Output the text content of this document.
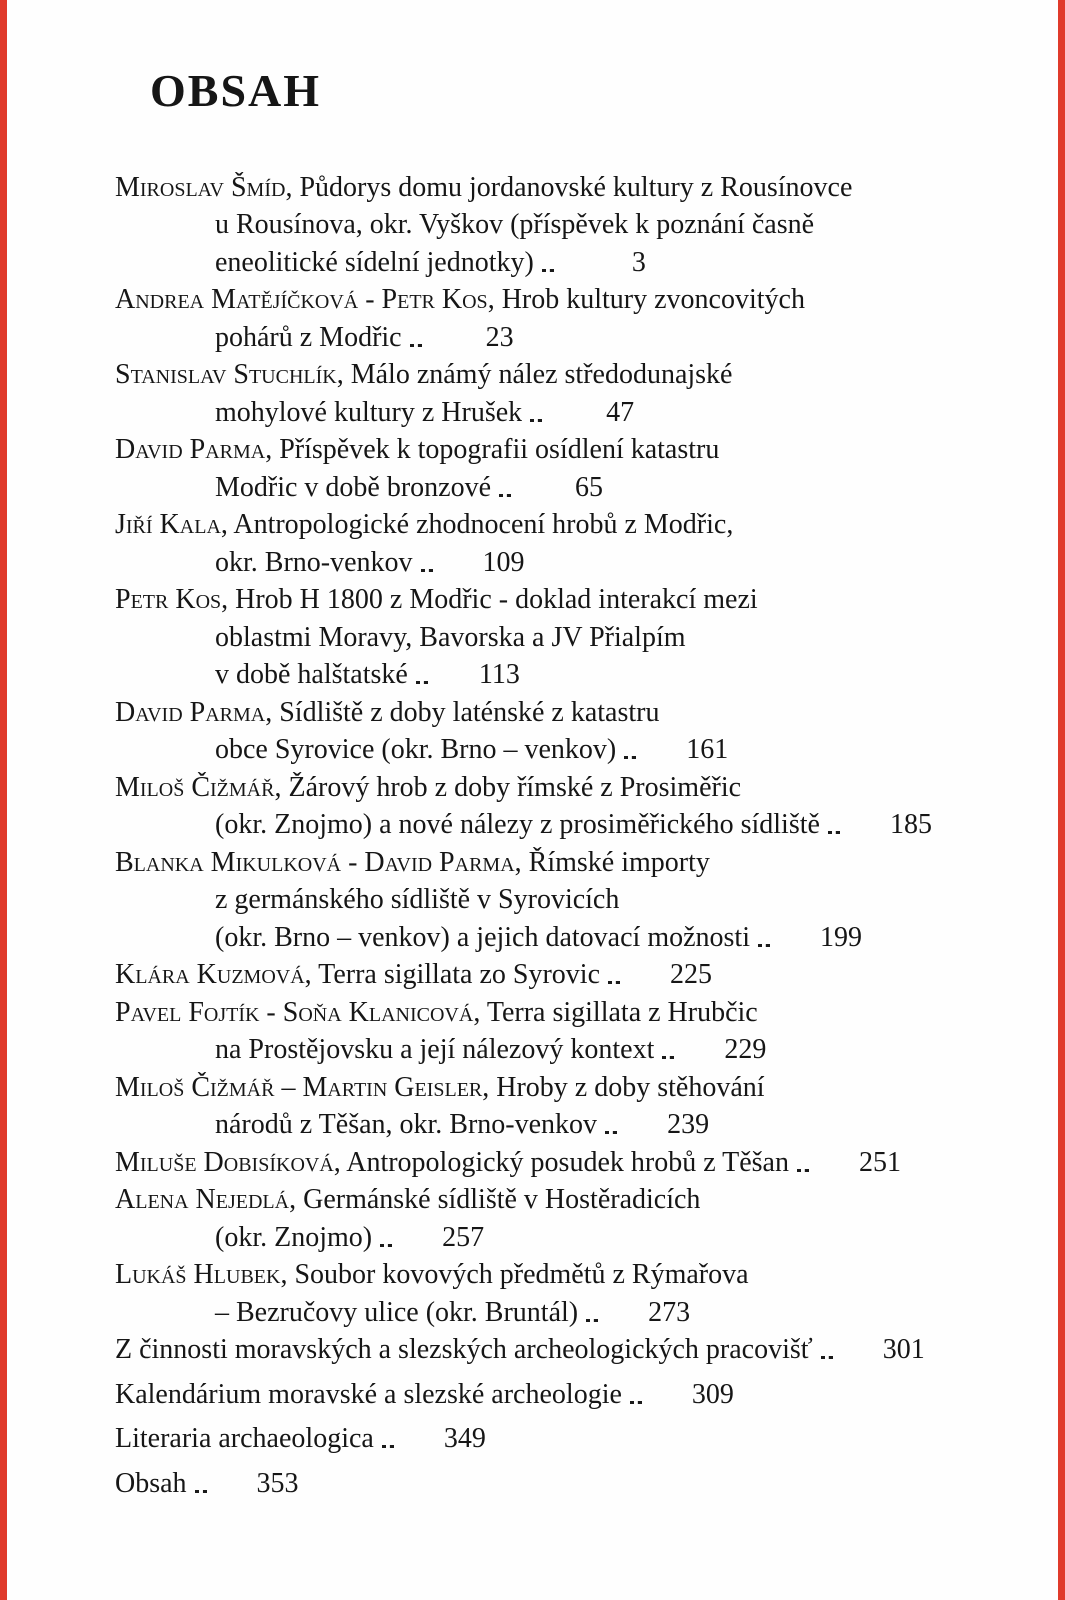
OBSAH
Miroslav Šmíd, Půdorys domu jordanovské kultury z Rousínovce
u Rousínova, okr. Vyškov (příspěvek k poznání časně
eneolitické sídelní jednotky)	3
Andrea Matějíčková - Petr Kos, Hrob kultury zvoncovitých
pohárů z Modřic	23
Stanislav Stuchlík, Málo známý nález středodunajské
mohylové kultury z Hrušek	47
David Parma, Příspěvek k topografii osídlení katastru
Modřic v době bronzové	65
Jiří Kala, Antropologické zhodnocení hrobů z Modřic,
okr. Brno-venkov	109
Petr Kos, Hrob H 1800 z Modřic - doklad interakcí mezi
oblastmi Moravy, Bavorska a JV Přialpím
v době halštatské	113
David Parma, Sídliště z doby laténské z katastru
obce Syrovice (okr. Brno – venkov)	161
Miloš Čižmář, Žárový hrob z doby římské z Prosiměřic
(okr. Znojmo) a nové nálezy z prosiměřického sídliště	185
Blanka Mikulková - David Parma, Římské importy
z germánského sídliště v Syrovicích
(okr. Brno – venkov) a jejich datovací možnosti	199
Klára Kuzmová, Terra sigillata zo Syrovic	225
Pavel Fojtík - Soňa Klanicová, Terra sigillata z Hrubčic
na Prostějovsku a její nálezový kontext	229
Miloš Čižmář – Martin Geisler, Hroby z doby stěhování
národů z Těšan, okr. Brno-venkov	239
Miluše Dobisíková, Antropologický posudek hrobů z Těšan	251
Alena Nejedlá, Germánské sídliště v Hostěradicích
(okr. Znojmo)	257
Lukáš Hlubek, Soubor kovových předmětů z Rýmařova
– Bezručovy ulice (okr. Bruntál)	273
Z činnosti moravských a slezských archeologických pracovišť	301
Kalendárium moravské a slezské archeologie	309
Literaria archaeologica	349
Obsah	353
